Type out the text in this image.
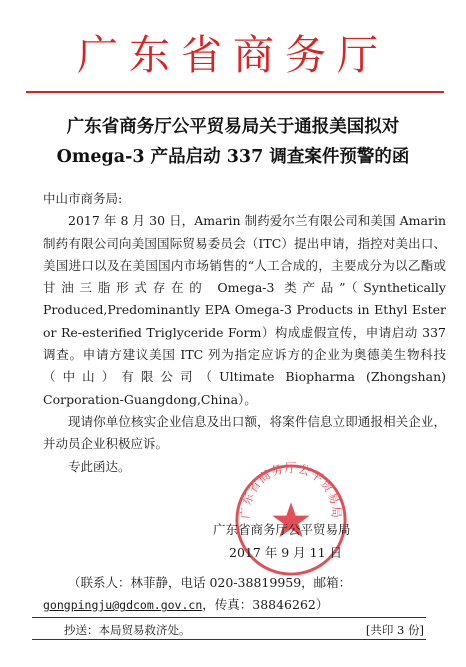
广东省商务厅
广东省商务厅公平贸易局关于通报美国拟对
Omega-3 产品启动 337 调查案件预警的函

中山市商务局:

2017 年 8 月 30 日，Amarin 制药爱尔兰有限公司和美国 Amarin 制药有限公司向美国国际贸易委员会（ITC）提出申请，指控对美出口、美国进口以及在美国国内市场销售的“人工合成的，主要成分为以乙酯或甘油三脂形式存在的 Omega-3 类产品”（Synthetically Produced,Predominantly EPA Omega-3 Products in Ethyl Ester or Re-esterified Triglyceride Form）构成虚假宣传，申请启动 337 调查。申请方建议美国 ITC 列为指定应诉方的企业为奥德美生物科技（中山）有限公司（Ultimate Biopharma (Zhongshan) Corporation-Guangdong,China）。

现请你单位核实企业信息及出口额，将案件信息立即通报相关企业，并动员企业积极应诉。

专此函达。

广东省商务厅公平贸易局
广东省商务厅公平贸易局
2017 年 9 月 11 日
（联系人：林菲静，电话 020-38819959，邮箱：
gongpingju@gdcom.gov.cn，传真：38846262）
抄送：本局贸易救济处。	[共印 3 份]
